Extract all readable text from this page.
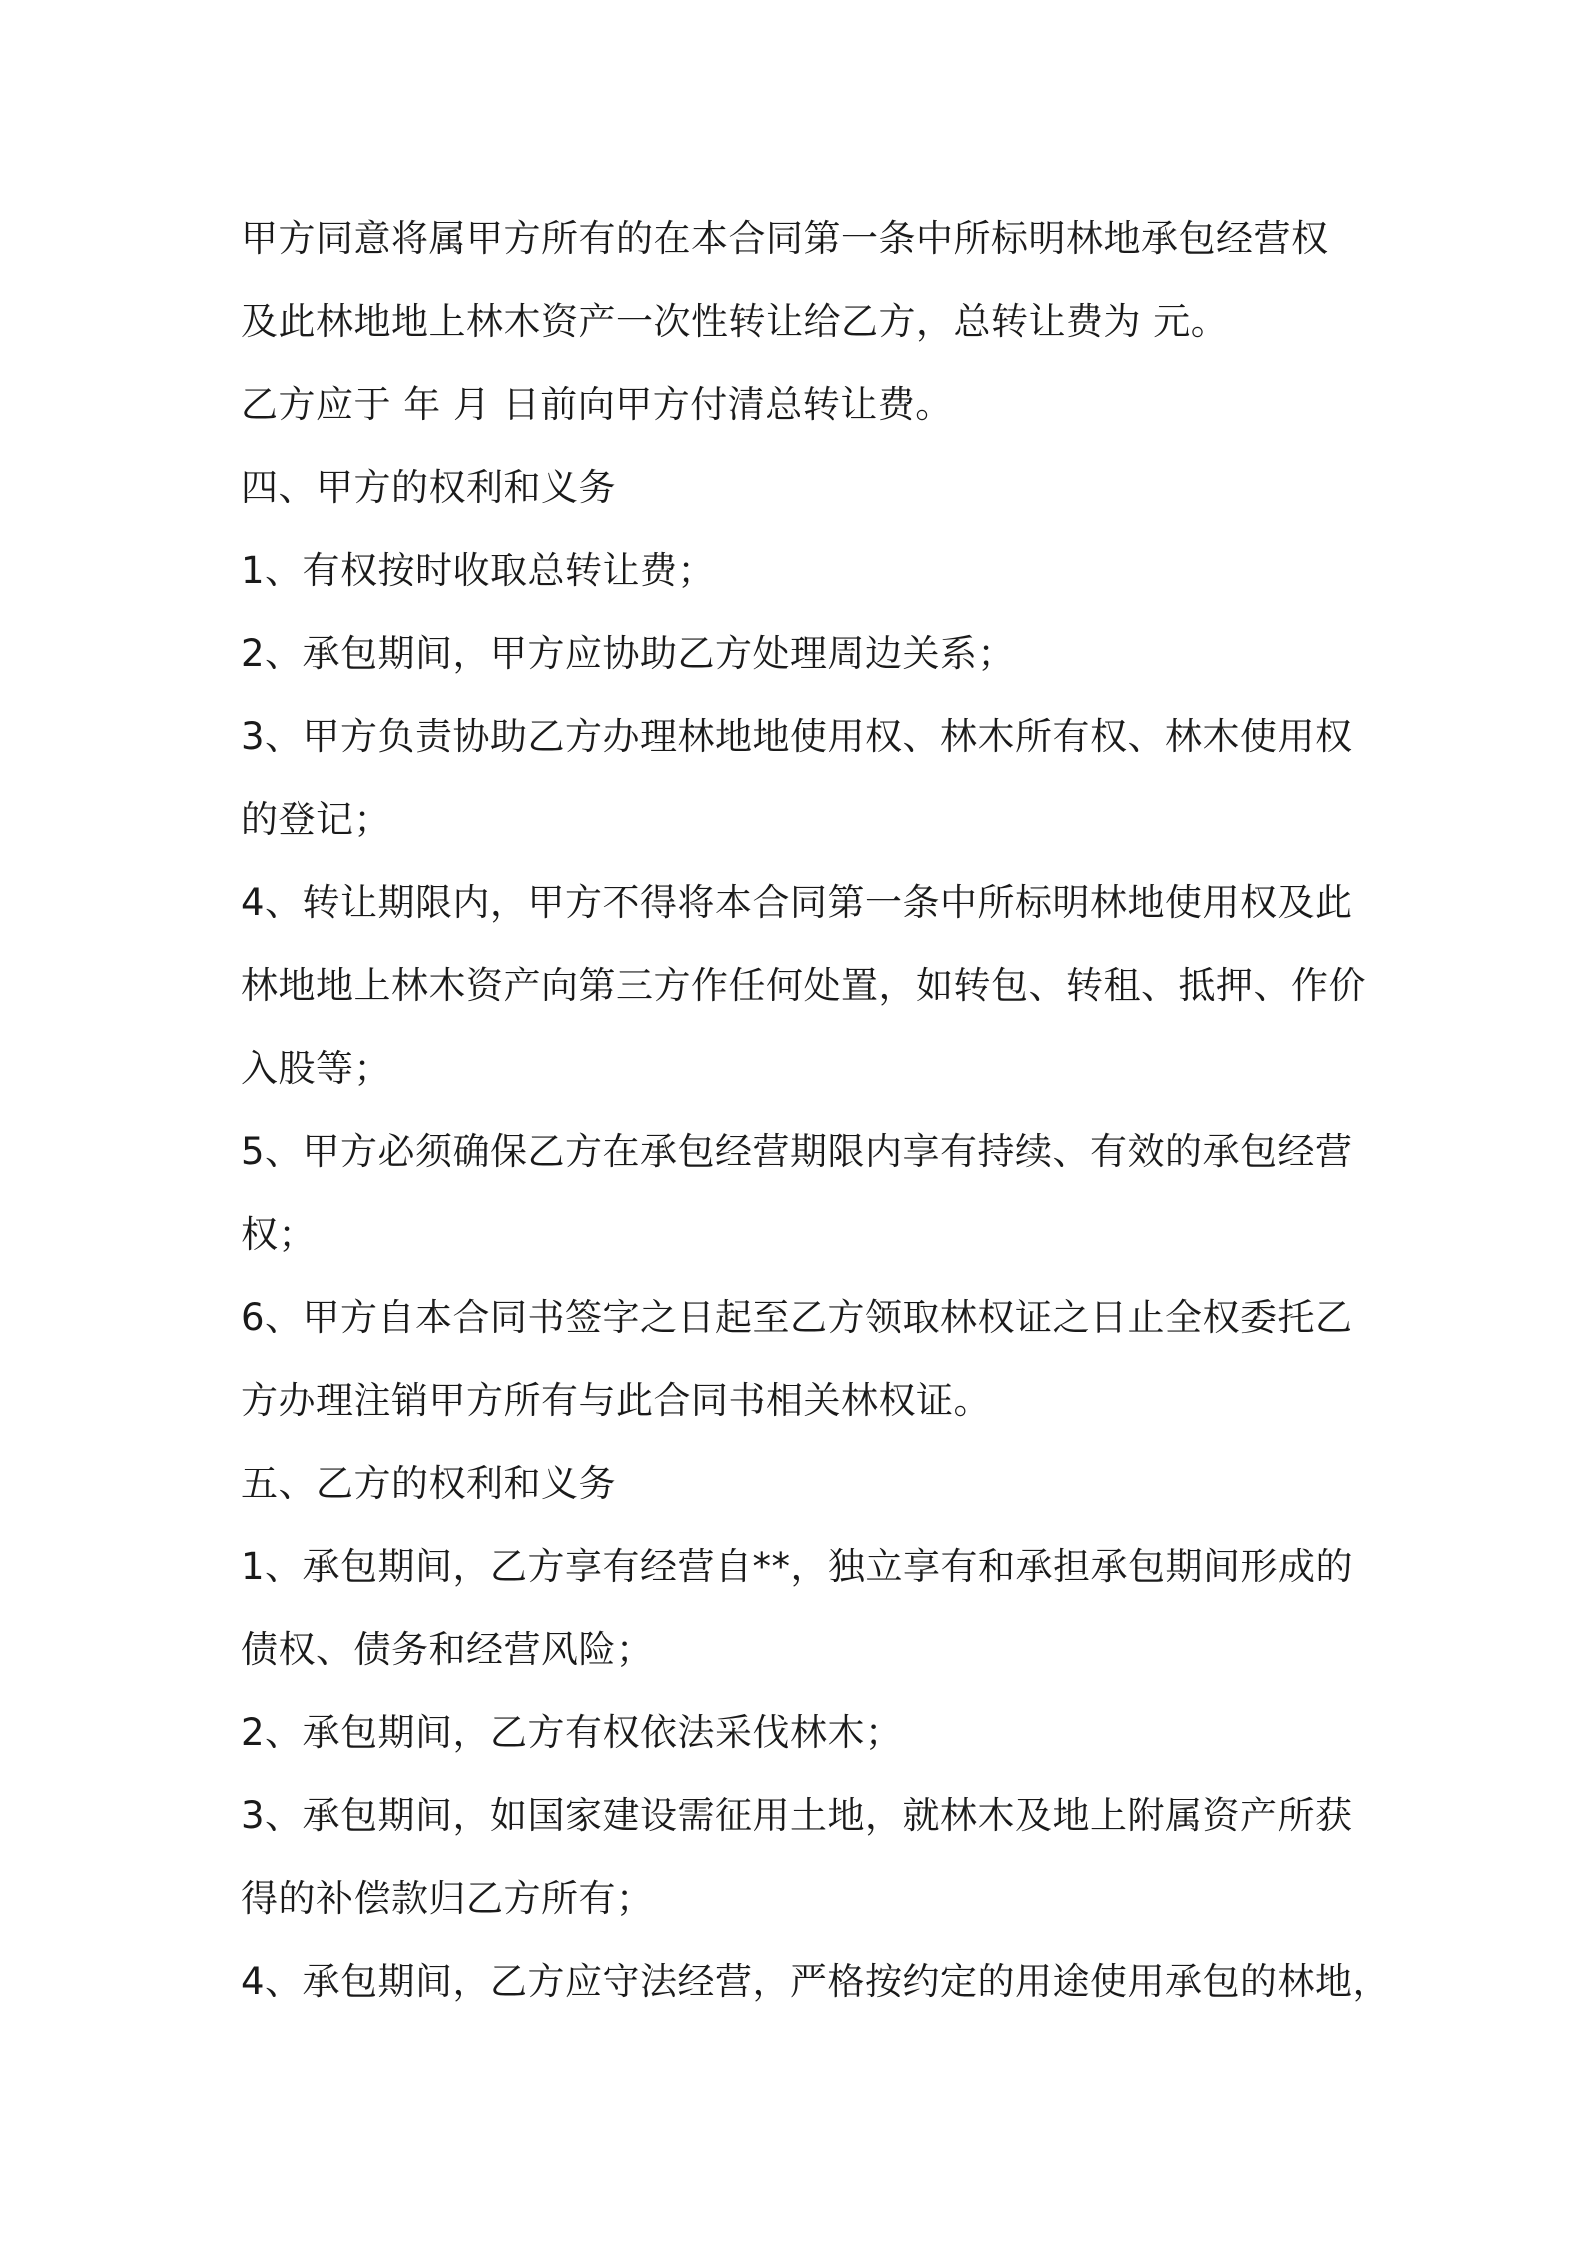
甲方同意将属甲方所有的在本合同第一条中所标明林地承包经营权
及此林地地上林木资产一次性转让给乙方，总转让费为 元。
乙方应于 年 月 日前向甲方付清总转让费。
四、甲方的权利和义务
1、有权按时收取总转让费；
2、承包期间，甲方应协助乙方处理周边关系；
3、甲方负责协助乙方办理林地地使用权、林木所有权、林木使用权
的登记；
4、转让期限内，甲方不得将本合同第一条中所标明林地使用权及此
林地地上林木资产向第三方作任何处置，如转包、转租、抵押、作价
入股等；
5、甲方必须确保乙方在承包经营期限内享有持续、有效的承包经营
权；
6、甲方自本合同书签字之日起至乙方领取林权证之日止全权委托乙
方办理注销甲方所有与此合同书相关林权证。
五、乙方的权利和义务
1、承包期间，乙方享有经营自**，独立享有和承担承包期间形成的
债权、债务和经营风险；
2、承包期间，乙方有权依法采伐林木；
3、承包期间，如国家建设需征用土地，就林木及地上附属资产所获
得的补偿款归乙方所有；
4、承包期间，乙方应守法经营，严格按约定的用途使用承包的林地，
